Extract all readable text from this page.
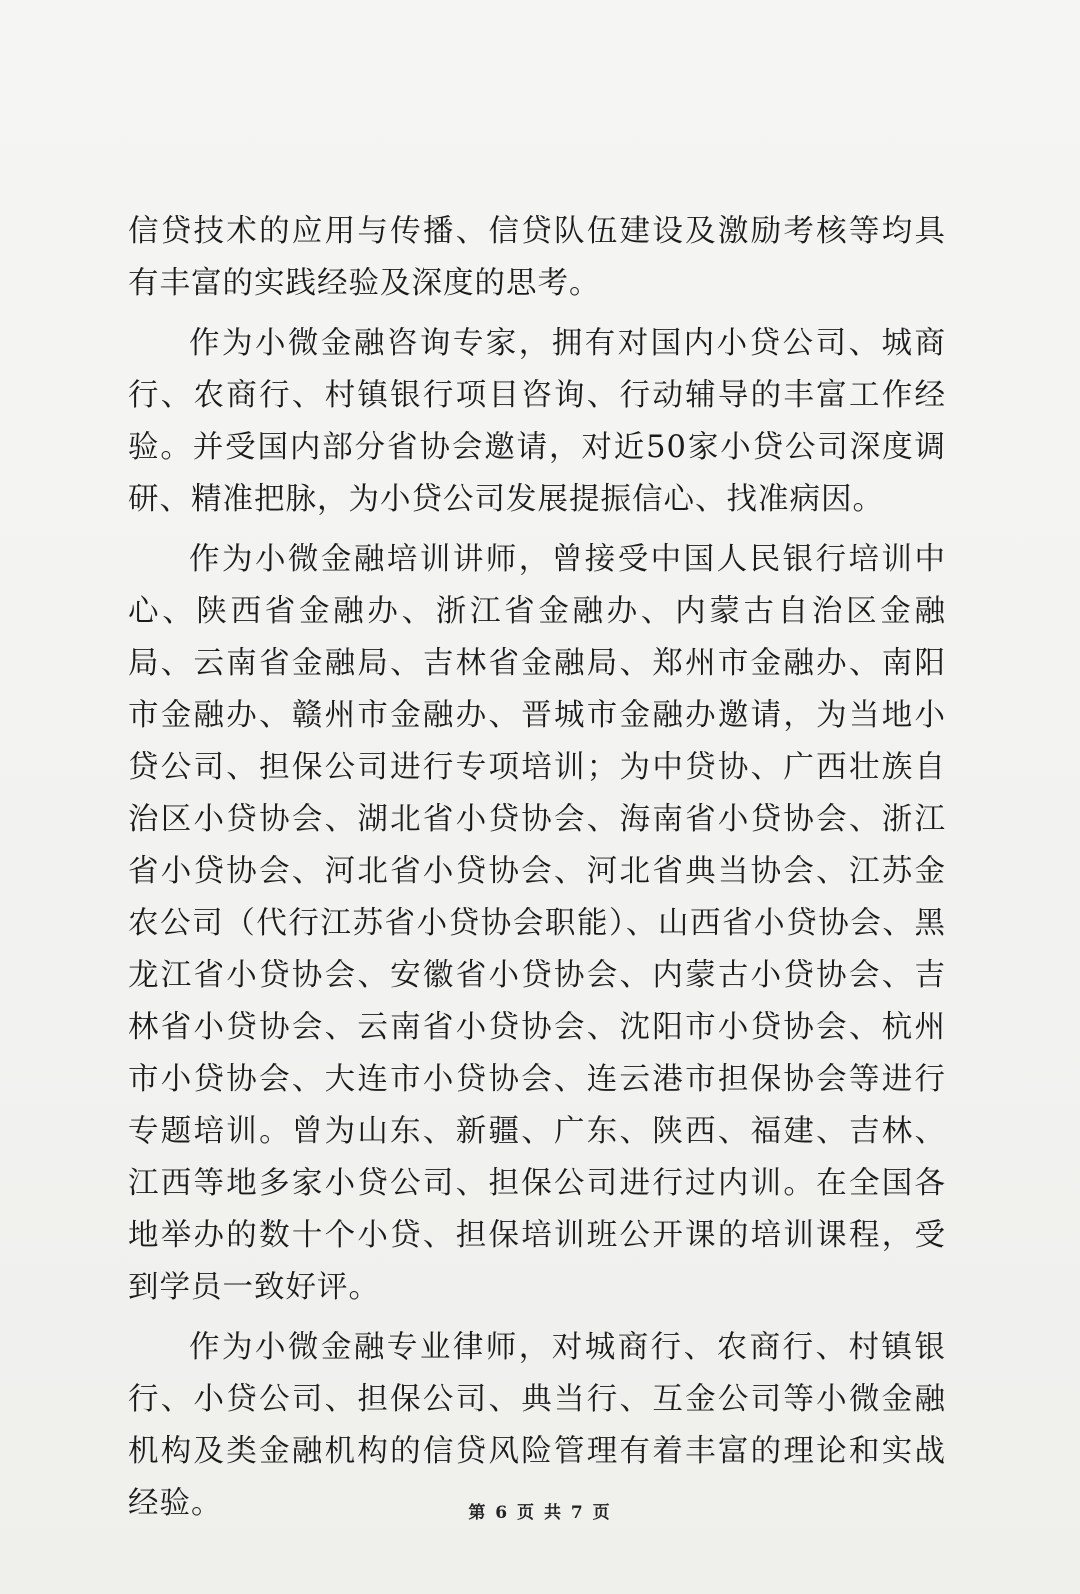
信贷技术的应用与传播、信贷队伍建设及激励考核等均具有丰富的实践经验及深度的思考。

作为小微金融咨询专家，拥有对国内小贷公司、城商行、农商行、村镇银行项目咨询、行动辅导的丰富工作经验。并受国内部分省协会邀请，对近50家小贷公司深度调研、精准把脉，为小贷公司发展提振信心、找准病因。

作为小微金融培训讲师，曾接受中国人民银行培训中心、陕西省金融办、浙江省金融办、内蒙古自治区金融局、云南省金融局、吉林省金融局、郑州市金融办、南阳市金融办、赣州市金融办、晋城市金融办邀请，为当地小贷公司、担保公司进行专项培训；为中贷协、广西壮族自治区小贷协会、湖北省小贷协会、海南省小贷协会、浙江省小贷协会、河北省小贷协会、河北省典当协会、江苏金农公司（代行江苏省小贷协会职能）、山西省小贷协会、黑龙江省小贷协会、安徽省小贷协会、内蒙古小贷协会、吉林省小贷协会、云南省小贷协会、沈阳市小贷协会、杭州市小贷协会、大连市小贷协会、连云港市担保协会等进行专题培训。曾为山东、新疆、广东、陕西、福建、吉林、江西等地多家小贷公司、担保公司进行过内训。在全国各地举办的数十个小贷、担保培训班公开课的培训课程，受到学员一致好评。

作为小微金融专业律师，对城商行、农商行、村镇银行、小贷公司、担保公司、典当行、互金公司等小微金融机构及类金融机构的信贷风险管理有着丰富的理论和实战经验。	第 6 页 共 7 页
